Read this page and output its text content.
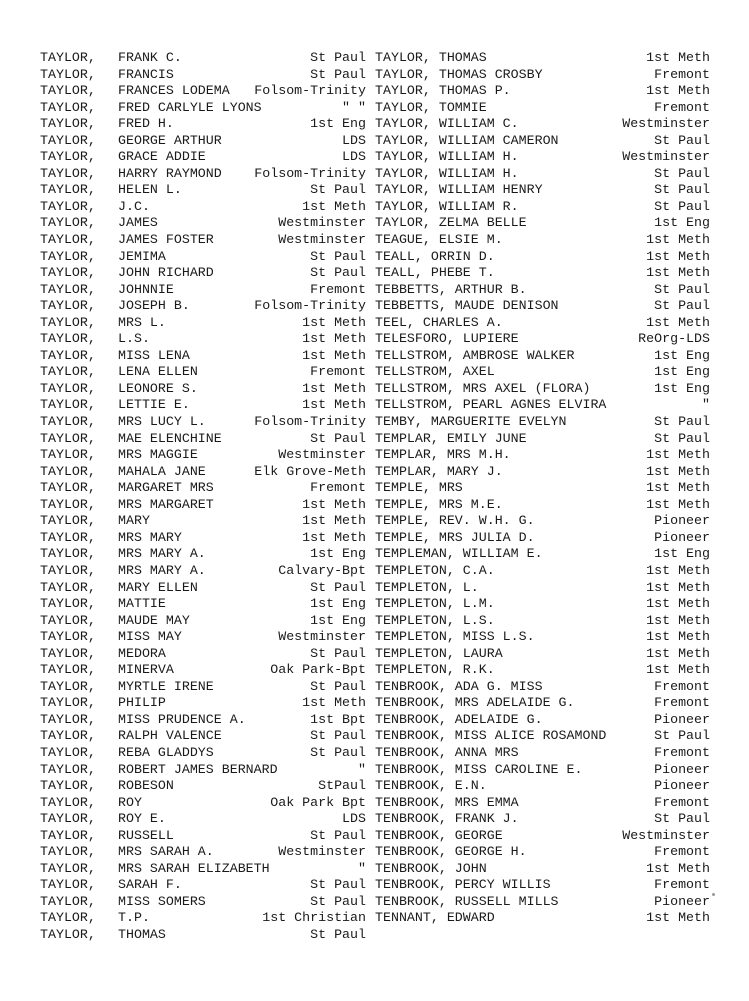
TAYLOR, FRANK C.	St Paul
TAYLOR, FRANCIS	St Paul
TAYLOR, FRANCES LODEMA Folsom-Trinity
TAYLOR, FRED CARLYLE LYONS	" "
TAYLOR, FRED H.	1st Eng
TAYLOR, GEORGE ARTHUR	LDS
TAYLOR, GRACE ADDIE	LDS
TAYLOR, HARRY RAYMOND Folsom-Trinity
TAYLOR, HELEN L.	St Paul
TAYLOR, J.C.	1st Meth
TAYLOR, JAMES	Westminster
TAYLOR, JAMES FOSTER	Westminster
TAYLOR, JEMIMA	St Paul
TAYLOR, JOHN RICHARD	St Paul
TAYLOR, JOHNNIE	Fremont
TAYLOR, JOSEPH B.	Folsom-Trinity
TAYLOR, MRS L.	1st Meth
TAYLOR, L.S.	1st Meth
TAYLOR, MISS LENA	1st Meth
TAYLOR, LENA ELLEN	Fremont
TAYLOR, LEONORE S.	1st Meth
TAYLOR, LETTIE E.	1st Meth
TAYLOR, MRS LUCY L.	Folsom-Trinity
TAYLOR, MAE ELENCHINE	St Paul
TAYLOR, MRS MAGGIE	Westminster
TAYLOR, MAHALA JANE	Elk Grove-Meth
TAYLOR, MARGARET MRS	Fremont
TAYLOR, MRS MARGARET	1st Meth
TAYLOR, MARY	1st Meth
TAYLOR, MRS MARY	1st Meth
TAYLOR, MRS MARY A.	1st Eng
TAYLOR, MRS MARY A.	Calvary-Bpt
TAYLOR, MARY ELLEN	St Paul
TAYLOR, MATTIE	1st Eng
TAYLOR, MAUDE MAY	1st Eng
TAYLOR, MISS MAY	Westminster
TAYLOR, MEDORA	St Paul
TAYLOR, MINERVA	Oak Park-Bpt
TAYLOR, MYRTLE IRENE	St Paul
TAYLOR, PHILIP	1st Meth
TAYLOR, MISS PRUDENCE A.	1st Bpt
TAYLOR, RALPH VALENCE	St Paul
TAYLOR, REBA GLADDYS	St Paul
TAYLOR, ROBERT JAMES BERNARD	"
TAYLOR, ROBESON	StPaul
TAYLOR, ROY	Oak Park Bpt
TAYLOR, ROY E.	LDS
TAYLOR, RUSSELL	St Paul
TAYLOR, MRS SARAH A.	Westminster
TAYLOR, MRS SARAH ELIZABETH	"
TAYLOR, SARAH F.	St Paul
TAYLOR, MISS SOMERS	St Paul
TAYLOR, T.P.	1st Christian
TAYLOR, THOMAS	St Paul
TAYLOR, THOMAS	1st Meth
TAYLOR, THOMAS CROSBY	Fremont
TAYLOR, THOMAS P.	1st Meth
TAYLOR, TOMMIE	Fremont
TAYLOR, WILLIAM C.	Westminster
TAYLOR, WILLIAM CAMERON	St Paul
TAYLOR, WILLIAM H.	Westminster
TAYLOR, WILLIAM H.	St Paul
TAYLOR, WILLIAM HENRY	St Paul
TAYLOR, WILLIAM R.	St Paul
TAYLOR, ZELMA BELLE	1st Eng
TEAGUE, ELSIE M.	1st Meth
TEALL, ORRIN D.	1st Meth
TEALL, PHEBE T.	1st Meth
TEBBETTS, ARTHUR B.	St Paul
TEBBETTS, MAUDE DENISON	St Paul
TEEL, CHARLES A.	1st Meth
TELESFORO, LUPIERE	ReOrg-LDS
TELLSTROM, AMBROSE WALKER	1st Eng
TELLSTROM, AXEL	1st Eng
TELLSTROM, MRS AXEL (FLORA)	1st Eng
TELLSTROM, PEARL AGNES ELVIRA	"
TEMBY, MARGUERITE EVELYN	St Paul
TEMPLAR, EMILY JUNE	St Paul
TEMPLAR, MRS M.H.	1st Meth
TEMPLAR, MARY J.	1st Meth
TEMPLE, MRS	1st Meth
TEMPLE, MRS M.E.	1st Meth
TEMPLE, REV. W.H. G.	Pioneer
TEMPLE, MRS JULIA D.	Pioneer
TEMPLEMAN, WILLIAM E.	1st Eng
TEMPLETON, C.A.	1st Meth
TEMPLETON, L.	1st Meth
TEMPLETON, L.M.	1st Meth
TEMPLETON, L.S.	1st Meth
TEMPLETON, MISS L.S.	1st Meth
TEMPLETON, LAURA	1st Meth
TEMPLETON, R.K.	1st Meth
TENBROOK, ADA G. MISS	Fremont
TENBROOK, MRS ADELAIDE G.	Fremont
TENBROOK, ADELAIDE G.	Pioneer
TENBROOK, MISS ALICE ROSAMOND	St Paul
TENBROOK, ANNA MRS	Fremont
TENBROOK, MISS CAROLINE E.	Pioneer
TENBROOK, E.N.	Pioneer
TENBROOK, MRS EMMA	Fremont
TENBROOK, FRANK J.	St Paul
TENBROOK, GEORGE	Westminster
TENBROOK, GEORGE H.	Fremont
TENBROOK, JOHN	1st Meth
TENBROOK, PERCY WILLIS	Fremont
TENBROOK, RUSSELL MILLS	Pioneer
TENNANT, EDWARD	1st Meth
